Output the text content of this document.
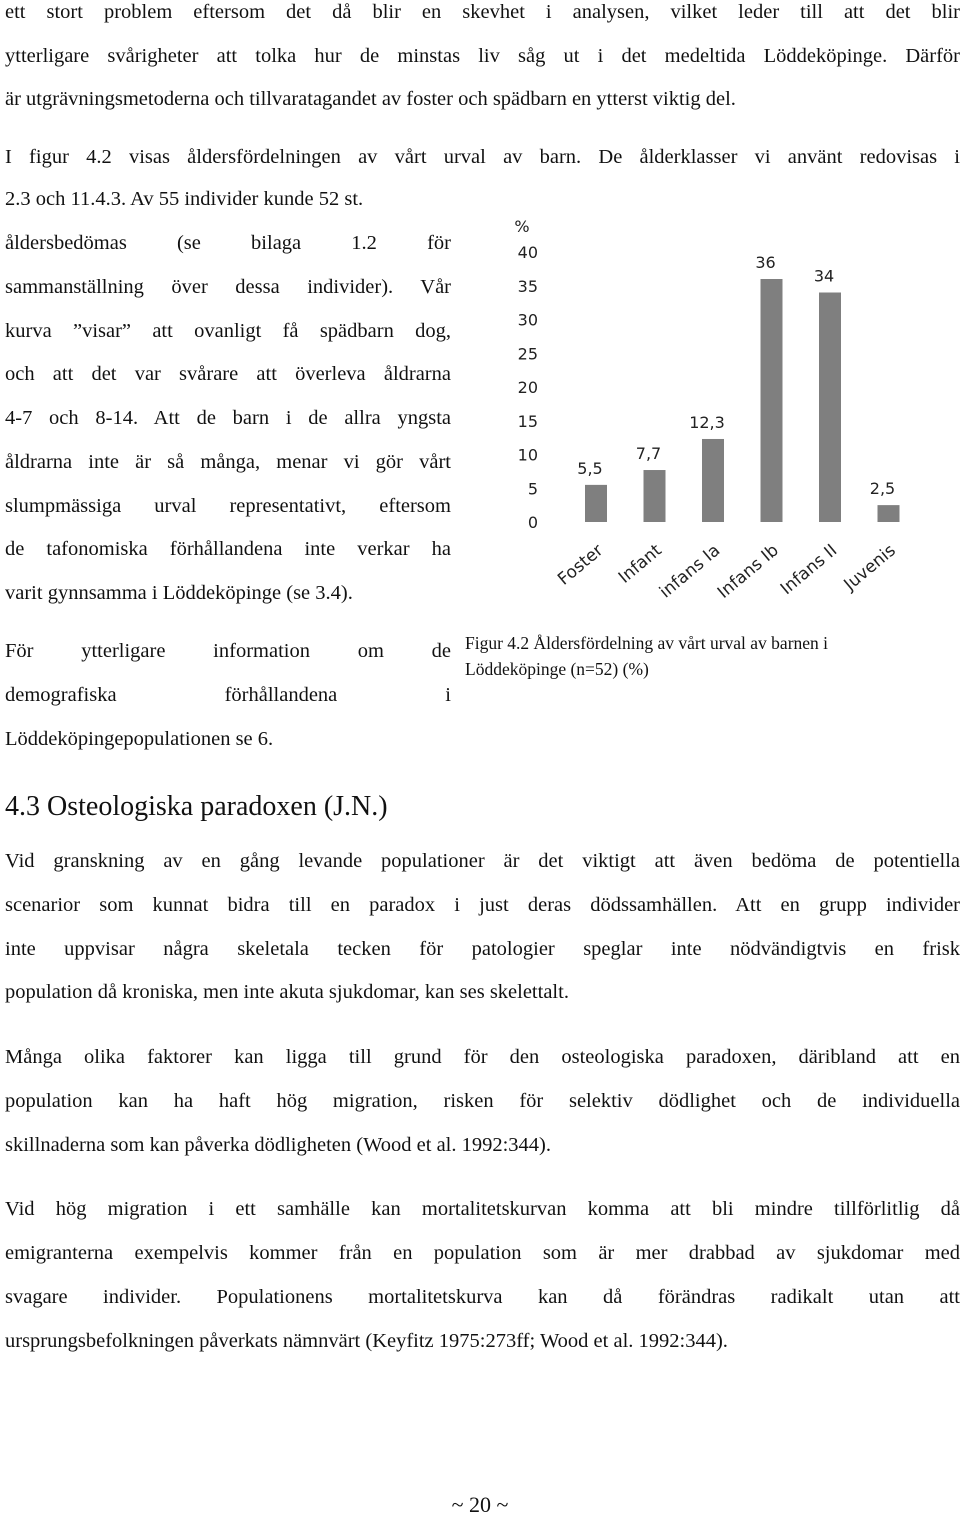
ett stort problem eftersom det då blir en skevhet i analysen, vilket leder till att det blir
ytterligare svårigheter att tolka hur de minstas liv såg ut i det medeltida Löddeköpinge. Därför
är utgrävningsmetoderna och tillvaratagandet av foster och spädbarn en ytterst viktig del.
I figur 4.2 visas åldersfördelningen av vårt urval av barn. De ålderklasser vi använt redovisas i
2.3 och 11.4.3. Av 55 individer kunde 52 st.
åldersbedömas (se bilaga 1.2 för
sammanställning över dessa individer). Vår
kurva ”visar” att ovanligt få spädbarn dog,
och att det var svårare att överleva åldrarna
4-7 och 8-14. Att de barn i de allra yngsta
åldrarna inte är så många, menar vi gör vårt
slumpmässiga urval representativt, eftersom
de tafonomiska förhållandena inte verkar ha
varit gynnsamma i Löddeköpinge (se 3.4).
För ytterligare information om de
demografiska förhållandena i
Löddeköpingepopulationen se 6.
%
0
5
10
15
20
25
30
35
40
5,5
7,7
12,3
36
34
2,5
Foster Infant
infans Ia
Infans Ib
Infans II Juvenis
Figur 4.2 Åldersfördelning av vårt urval av barnen i
Löddeköpinge (n=52) (%)
4.3 Osteologiska paradoxen (J.N.)
Vid granskning av en gång levande populationer är det viktigt att även bedöma de potentiella
scenarior som kunnat bidra till en paradox i just deras dödssamhällen. Att en grupp individer
inte uppvisar några skeletala tecken för patologier speglar inte nödvändigtvis en frisk
population då kroniska, men inte akuta sjukdomar, kan ses skelettalt.
Många olika faktorer kan ligga till grund för den osteologiska paradoxen, däribland att en
population kan ha haft hög migration, risken för selektiv dödlighet och de individuella
skillnaderna som kan påverka dödligheten (Wood et al. 1992:344).
Vid hög migration i ett samhälle kan mortalitetskurvan komma att bli mindre tillförlitlig då
emigranterna exempelvis kommer från en population som är mer drabbad av sjukdomar med
svagare individer. Populationens mortalitetskurva kan då förändras radikalt utan att
ursprungsbefolkningen påverkats nämnvärt (Keyfitz 1975:273ff; Wood et al. 1992:344).
~ 20 ~
